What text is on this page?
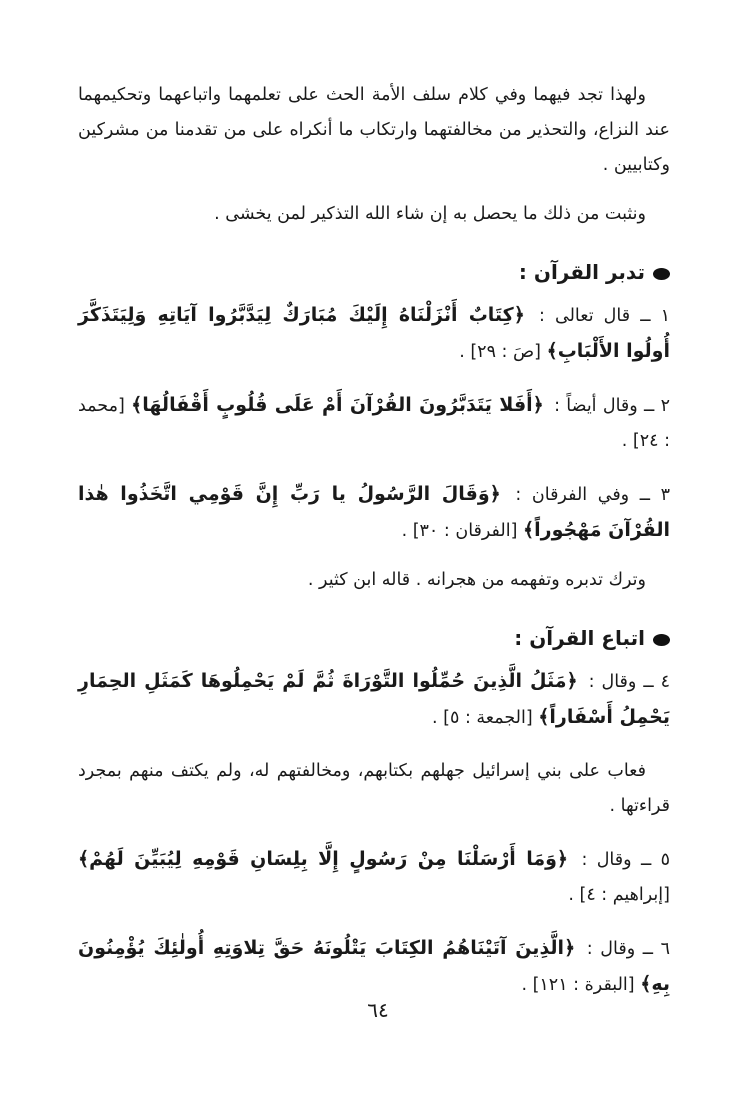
ولهذا تجد فيهما وفي كلام سلف الأمة الحث على تعلمهما واتباعهما وتحكيمهما عند النزاع، والتحذير من مخالفتهما وارتكاب ما أنكراه على من تقدمنا من مشركين وكتابيين .

ونثبت من ذلك ما يحصل به إن شاء الله التذكير لمن يخشى .

تدبر القرآن :

١ ــ قال تعالى : ﴿كِتَابٌ أَنْزَلْنَاهُ إِلَيْكَ مُبَارَكٌ لِيَدَّبَّرُوا آيَاتِهِ وَلِيَتَذَكَّرَ أُولُوا الأَلْبَابِ﴾ [صَ : ٢٩] .

٢ ــ وقال أيضاً : ﴿أَفَلا يَتَدَبَّرُونَ القُرْآنَ أَمْ عَلَى قُلُوبٍ أَقْفَالُهَا﴾ [محمد : ٢٤] .

٣ ــ وفي الفرقان : ﴿وَقَالَ الرَّسُولُ يا رَبِّ إِنَّ قَوْمِي اتَّخَذُوا هٰذا القُرْآنَ مَهْجُوراً﴾ [الفرقان : ٣٠] .

وترك تدبره وتفهمه من هجرانه . قاله ابن كثير .

اتباع القرآن :

٤ ــ وقال : ﴿مَثَلُ الَّذِينَ حُمِّلُوا التَّوْرَاةَ ثُمَّ لَمْ يَحْمِلُوهَا كَمَثَلِ الحِمَارِ يَحْمِلُ أَسْفَاراً﴾ [الجمعة : ٥] .

فعاب على بني إسرائيل جهلهم بكتابهم، ومخالفتهم له، ولم يكتف منهم بمجرد قراءتها .

٥ ــ وقال : ﴿وَمَا أَرْسَلْنَا مِنْ رَسُولٍ إِلَّا بِلِسَانِ قَوْمِهِ لِيُبَيِّنَ لَهُمْ﴾ [إبراهيم : ٤] .

٦ ــ وقال : ﴿الَّذِينَ آتَيْنَاهُمُ الكِتَابَ يَتْلُونَهُ حَقَّ تِلاوَتِهِ أُولٰئِكَ يُؤْمِنُونَ بِهِ﴾ [البقرة : ١٢١] .

٦٤
